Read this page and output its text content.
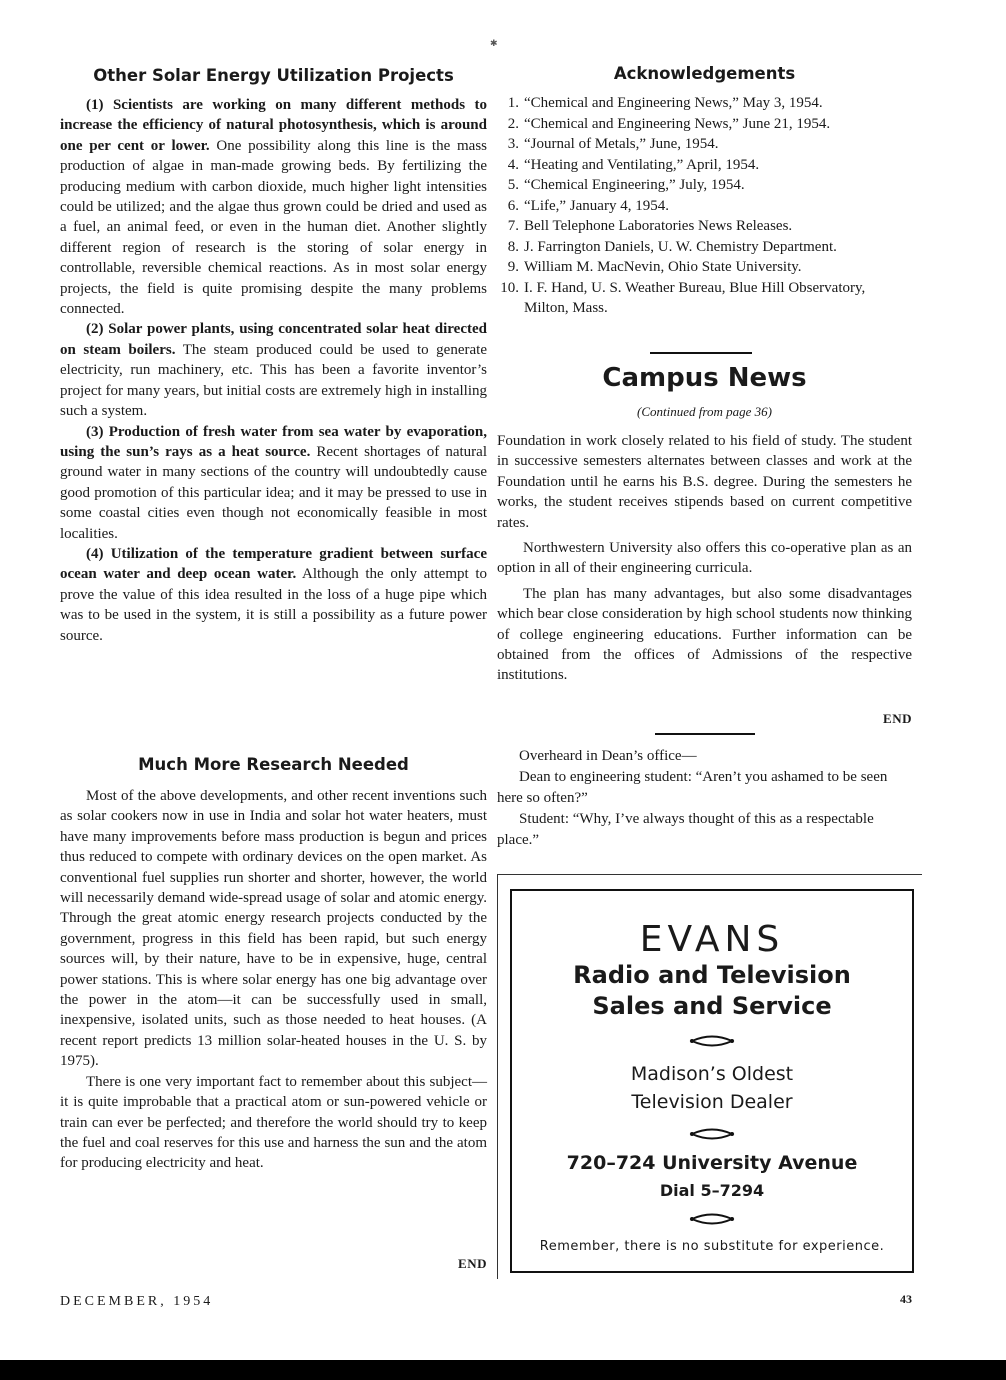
✱
Other Solar Energy Utilization Projects

(1) Scientists are working on many different methods to increase the efficiency of natural photosynthesis, which is around one per cent or lower. One possibility along this line is the mass production of algae in man-made growing beds. By fertilizing the producing medium with carbon dioxide, much higher light intensities could be utilized; and the algae thus grown could be dried and used as a fuel, an animal feed, or even in the human diet. Another slightly different region of research is the storing of solar energy in controllable, reversible chemical reactions. As in most solar energy projects, the field is quite promising despite the many problems connected.

(2) Solar power plants, using concentrated solar heat directed on steam boilers. The steam produced could be used to generate electricity, run machinery, etc. This has been a favorite inventor’s project for many years, but initial costs are extremely high in installing such a system.

(3) Production of fresh water from sea water by evaporation, using the sun’s rays as a heat source. Recent shortages of natural ground water in many sections of the country will undoubtedly cause good promotion of this particular idea; and it may be pressed to use in some coastal cities even though not economically feasible in most localities.

(4) Utilization of the temperature gradient between surface ocean water and deep ocean water. Although the only attempt to prove the value of this idea resulted in the loss of a huge pipe which was to be used in the system, it is still a possibility as a future power source.

Much More Research Needed

Most of the above developments, and other recent inventions such as solar cookers now in use in India and solar hot water heaters, must have many improvements before mass production is begun and prices thus reduced to compete with ordinary devices on the open market. As conventional fuel supplies run shorter and shorter, however, the world will necessarily demand wide-spread usage of solar and atomic energy. Through the great atomic energy research projects conducted by the government, progress in this field has been rapid, but such energy sources will, by their nature, have to be in expensive, huge, central power stations. This is where solar energy has one big advantage over the power in the atom—it can be successfully used in small, inexpensive, isolated units, such as those needed to heat houses. (A recent report predicts 13 million solar-heated houses in the U. S. by 1975).

There is one very important fact to remember about this subject—it is quite improbable that a practical atom or sun-powered vehicle or train can ever be perfected; and therefore the world should try to keep the fuel and coal reserves for this use and harness the sun and the atom for producing electricity and heat.

END
Acknowledgements
1. “Chemical and Engineering News,” May 3, 1954.
2. “Chemical and Engineering News,” June 21, 1954.
3. “Journal of Metals,” June, 1954.
4. “Heating and Ventilating,” April, 1954.
5. “Chemical Engineering,” July, 1954.
6. “Life,” January 4, 1954.
7. Bell Telephone Laboratories News Releases.
8. J. Farrington Daniels, U. W. Chemistry Department.
9. William M. MacNevin, Ohio State University.
10. I. F. Hand, U. S. Weather Bureau, Blue Hill Observatory, Milton, Mass.
Campus News
(Continued from page 36)

Foundation in work closely related to his field of study. The student in successive semesters alternates between classes and work at the Foundation until he earns his B.S. degree. During the semesters he works, the student receives stipends based on current competitive rates.

Northwestern University also offers this co-operative plan as an option in all of their engineering curricula.

The plan has many advantages, but also some disadvantages which bear close consideration by high school students now thinking of college engineering educations. Further information can be obtained from the offices of Admissions of the respective institutions.

END

Overheard in Dean’s office—

Dean to engineering student: “Aren’t you ashamed to be seen here so often?”

Student: “Why, I’ve always thought of this as a respectable place.”

EVANS
Radio and Television
Sales and Service
Madison’s Oldest
Television Dealer
720–724 University Avenue
Dial 5–7294
Remember, there is no substitute for experience.
DECEMBER, 1954	43
